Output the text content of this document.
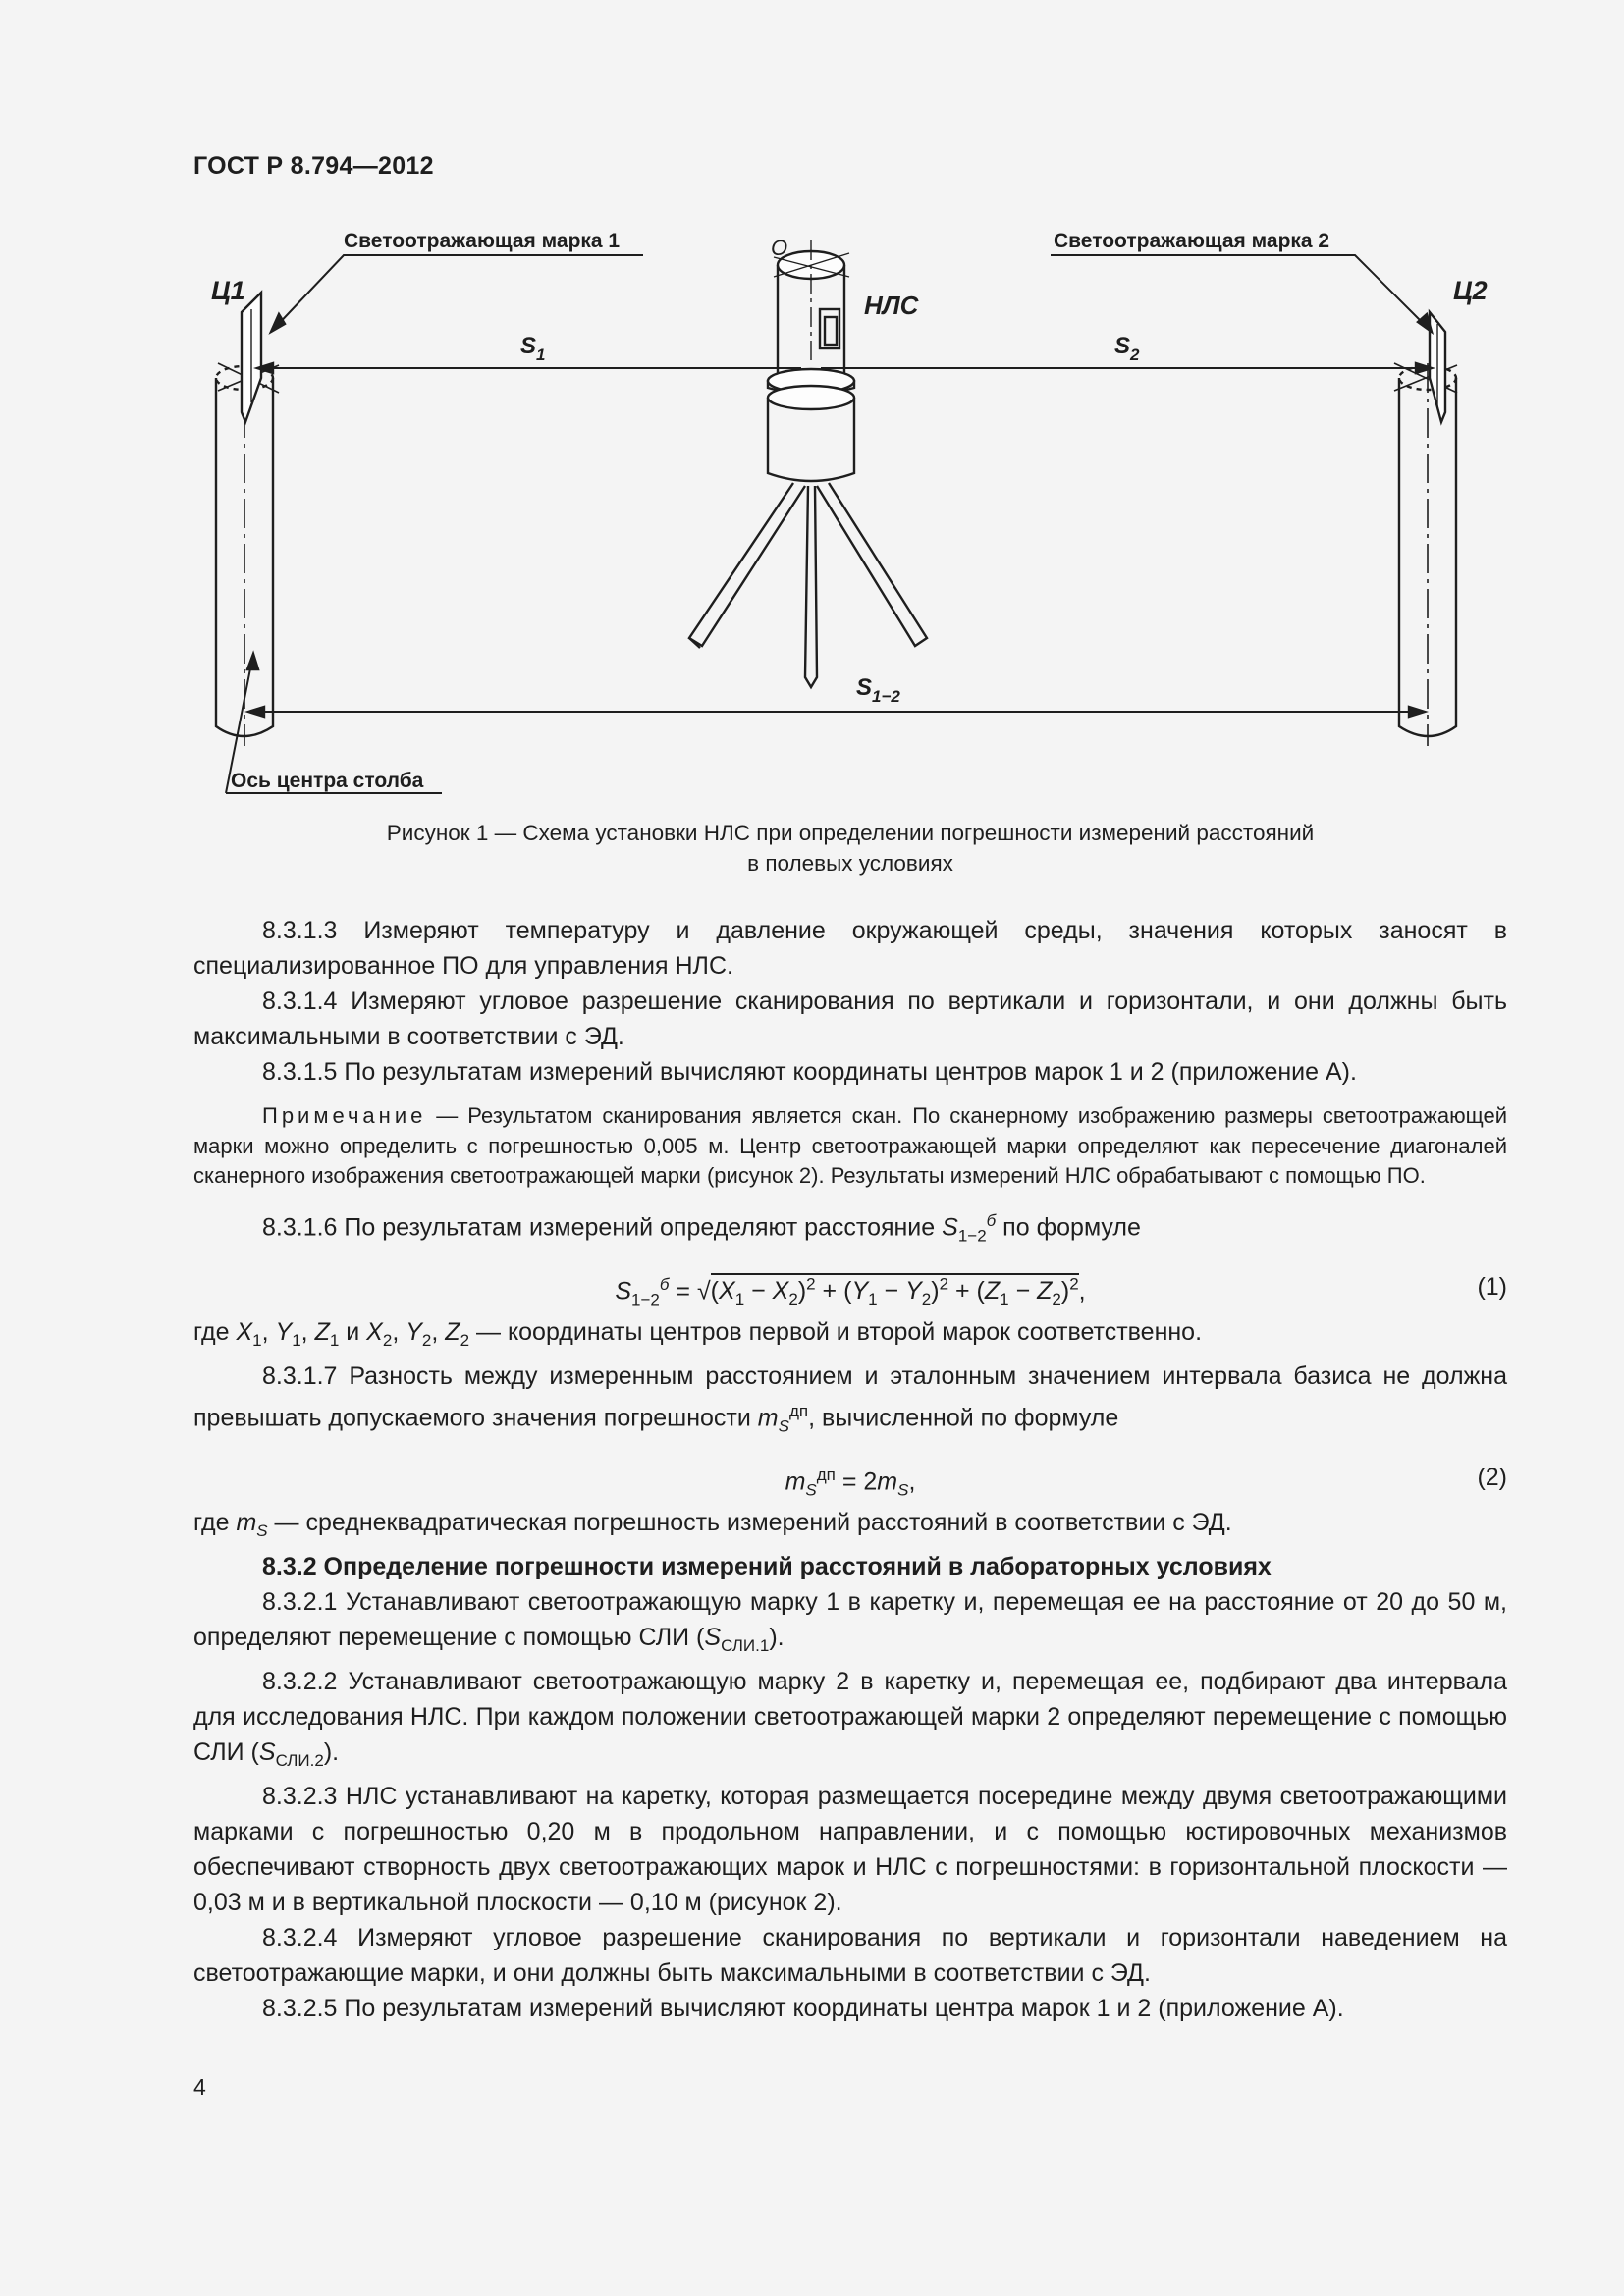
ГОСТ Р 8.794—2012
Светоотражающая марка 1	Светоотражающая марка 2
Ц1	Ц2
О
НЛС
$S_1$	$S_2$
$S_{1-2}$
Ось центра столба
Рисунок 1 — Схема установки НЛС при определении погрешности измерений расстояний
в полевых условиях

8.3.1.3 Измеряют температуру и давление окружающей среды, значения которых заносят в специализированное ПО для управления НЛС.

8.3.1.4 Измеряют угловое разрешение сканирования по вертикали и горизонтали, и они должны быть максимальными в соответствии с ЭД.

8.3.1.5 По результатам измерений вычисляют координаты центров марок 1 и 2 (приложение А).

Примечание — Результатом сканирования является скан. По сканерному изображению размеры светоотражающей марки можно определить с погрешностью 0,005 м. Центр светоотражающей марки определяют как пересечение диагоналей сканерного изображения светоотражающей марки (рисунок 2). Результаты измерений НЛС обрабатывают с помощью ПО.

8.3.1.6 По результатам измерений определяют расстояние $S_{1-2}^б$ по формуле

$S_{1-2}^б = √(X_1 - X_2)^2 + (Y_1 - Y_2)^2 + (Z_1 - Z_2)^2$,	(1)

где $X_1$, $Y_1$, $Z_1$ и $X_2$, $Y_2$, $Z_2$ — координаты центров первой и второй марок соответственно.

8.3.1.7 Разность между измеренным расстоянием и эталонным значением интервала базиса не должна превышать допускаемого значения погрешности $m_S^{дп}$, вычисленной по формуле

$m_S^{дп} = 2m_S$,	(2)

где $m_S$ — среднеквадратическая погрешность измерений расстояний в соответствии с ЭД.

8.3.2 Определение погрешности измерений расстояний в лабораторных условиях

8.3.2.1 Устанавливают светоотражающую марку 1 в каретку и, перемещая ее на расстояние от 20 до 50 м, определяют перемещение с помощью СЛИ $(S_{СЛИ.1})$.

8.3.2.2 Устанавливают светоотражающую марку 2 в каретку и, перемещая ее, подбирают два интервала для исследования НЛС. При каждом положении светоотражающей марки 2 определяют перемещение с помощью СЛИ $(S_{СЛИ.2})$.

8.3.2.3 НЛС устанавливают на каретку, которая размещается посередине между двумя светоотражающими марками с погрешностью 0,20 м в продольном направлении, и с помощью юстировочных механизмов обеспечивают створность двух светоотражающих марок и НЛС с погрешностями: в горизонтальной плоскости — 0,03 м и в вертикальной плоскости — 0,10 м (рисунок 2).

8.3.2.4 Измеряют угловое разрешение сканирования по вертикали и горизонтали наведением на светоотражающие марки, и они должны быть максимальными в соответствии с ЭД.

8.3.2.5 По результатам измерений вычисляют координаты центра марок 1 и 2 (приложение А).

4
